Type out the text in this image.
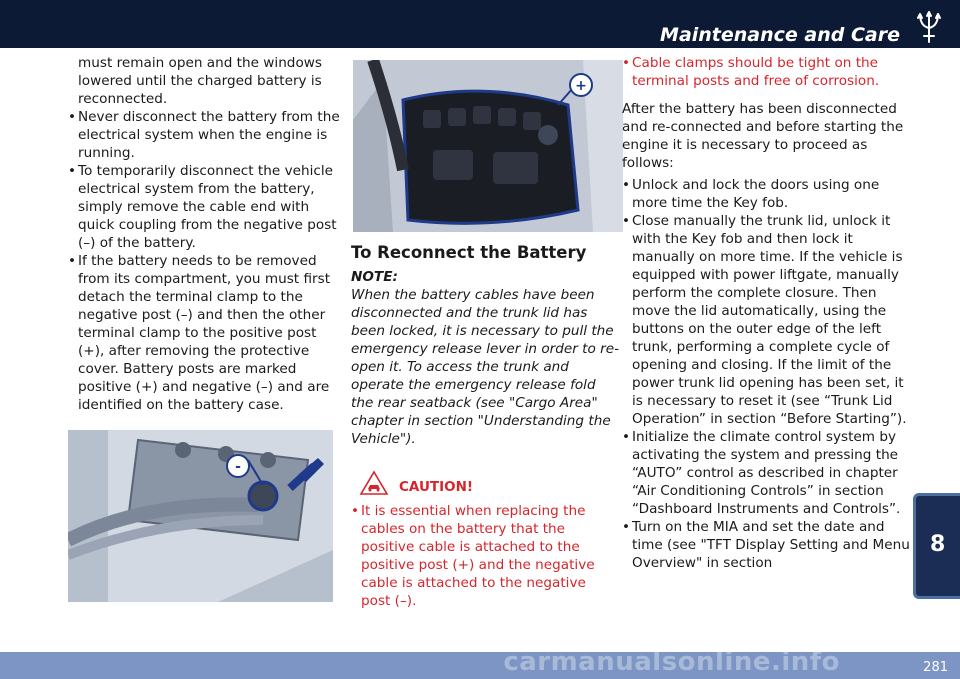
Maintenance and Care

must remain open and the windows lowered until the charged battery is reconnected.

• Never disconnect the battery from the electrical system when the engine is running.
• To temporarily disconnect the vehicle electrical system from the battery, simply remove the cable end with quick coupling from the negative post (–) of the battery.
• If the battery needs to be removed from its compartment, you must first detach the terminal clamp to the negative post (–) and then the other terminal clamp to the positive post (+), after removing the protective cover. Battery posts are marked positive (+) and negative (–) and are identified on the battery case.
-
+
To Reconnect the Battery

NOTE:

When the battery cables have been disconnected and the trunk lid has been locked, it is necessary to pull the emergency release lever in order to re-open it. To access the trunk and operate the emergency release fold the rear seatback (see "Cargo Area" chapter in section "Understanding the Vehicle").

CAUTION!
• It is essential when replacing the cables on the battery that the positive cable is attached to the positive post (+) and the negative cable is attached to the negative post (–).
• Cable clamps should be tight on the terminal posts and free of corrosion.

After the battery has been disconnected and re-connected and before starting the engine it is necessary to proceed as follows:

• Unlock and lock the doors using one more time the Key fob.
• Close manually the trunk lid, unlock it with the Key fob and then lock it manually on more time. If the vehicle is equipped with power liftgate, manually perform the complete closure. Then move the lid automatically, using the buttons on the outer edge of the left trunk, performing a complete cycle of opening and closing. If the limit of the power trunk lid opening has been set, it is necessary to reset it (see “Trunk Lid Operation” in section “Before Starting”).
• Initialize the climate control system by activating the system and pressing the “AUTO” control as described in chapter “Air Conditioning Controls” in section “Dashboard Instruments and Controls”.
• Turn on the MIA and set the date and time (see "TFT Display Setting and Menu Overview" in section
8
carmanualsonline.info	281
